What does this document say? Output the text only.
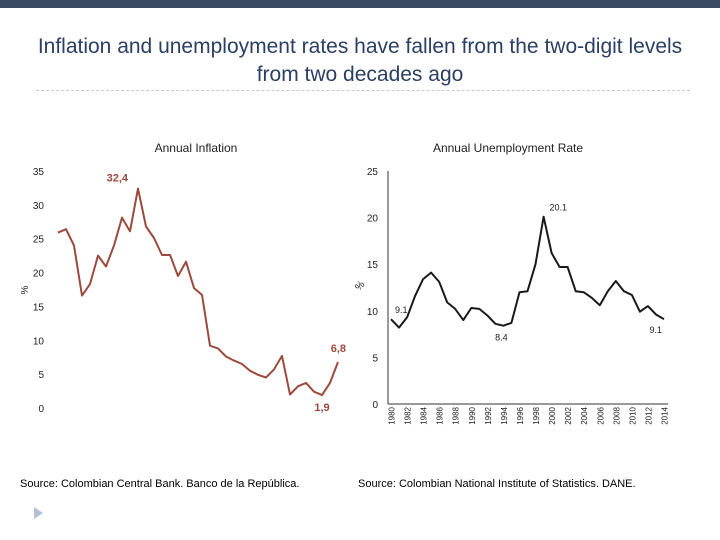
Inflation and unemployment rates have fallen from the two-digit levels from two decades ago
Annual Inflation
%
0
5
10
15
20
25
30
35
32,4
6,8
1,9
Annual Unemployment Rate
%
0
5
10
15
20
25
1980 1982 1984 1986 1988 1990 1992 1994 1996 1998 2000 2002 2004 2006 2008 2010 2012 2014
9.1
8.4
20.1
9.1
Source: Colombian Central Bank. Banco de la República.	Source: Colombian National Institute of Statistics. DANE.
